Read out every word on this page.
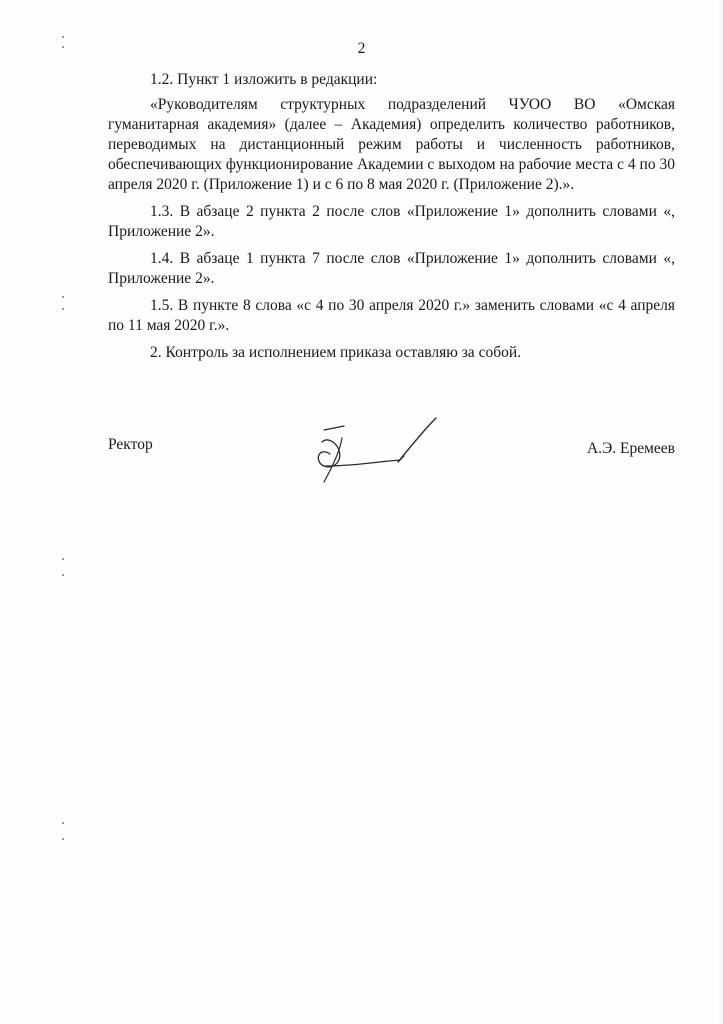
2

1.2. Пункт 1 изложить в редакции:

«Руководителям структурных подразделений ЧУОО ВО «Омская гуманитарная академия» (далее – Академия) определить количество работников, переводимых на дистанционный режим работы и численность работников, обеспечивающих функционирование Академии с выходом на рабочие места с 4 по 30 апреля 2020 г. (Приложение 1) и с 6 по 8 мая 2020 г. (Приложение 2).».

1.3. В абзаце 2 пункта 2 после слов «Приложение 1» дополнить словами «, Приложение 2».

1.4. В абзаце 1 пункта 7 после слов «Приложение 1» дополнить словами «, Приложение 2».

1.5. В пункте 8 слова «с 4 по 30 апреля 2020 г.» заменить словами «с 4 апреля по 11 мая 2020 г.».

2. Контроль за исполнением приказа оставляю за собой.

Ректор	А.Э. Еремеев
